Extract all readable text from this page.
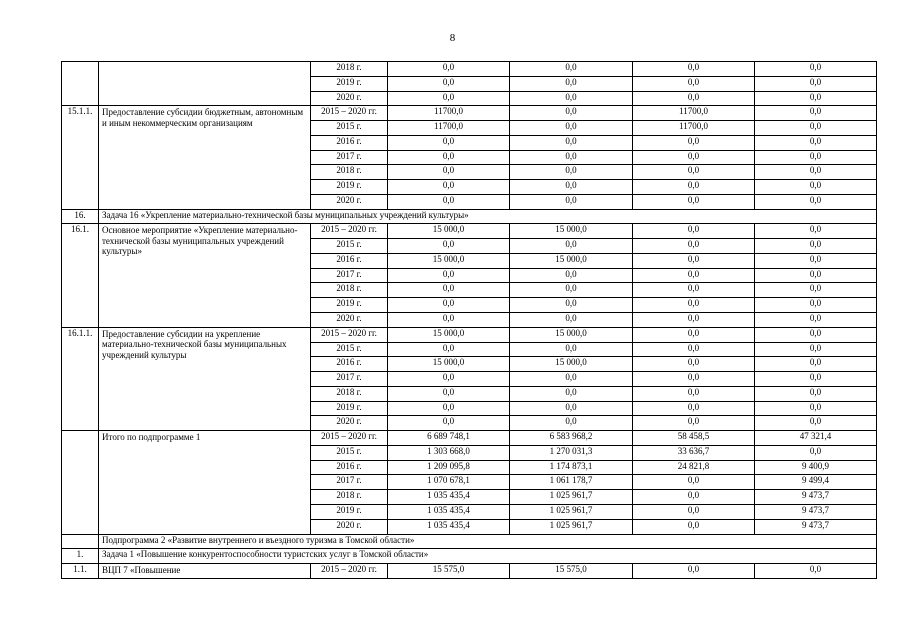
8
		2018 г.	0,0	0,0	0,0	0,0
		2019 г.	0,0	0,0	0,0	0,0
		2020 г.	0,0	0,0	0,0	0,0
15.1.1.	Предоставление субсидии бюджетным, автономным и иным некоммерческим организациям	2015 – 2020 гг.	11700,0	0,0	11700,0	0,0
		2015 г.	11700,0	0,0	11700,0	0,0
		2016 г.	0,0	0,0	0,0	0,0
		2017 г.	0,0	0,0	0,0	0,0
		2018 г.	0,0	0,0	0,0	0,0
		2019 г.	0,0	0,0	0,0	0,0
		2020 г.	0,0	0,0	0,0	0,0
16.	Задача 16 «Укрепление материально-технической базы муниципальных учреждений культуры»					
16.1.	Основное мероприятие «Укрепление материально-технической базы муниципальных учреждений культуры»	2015 – 2020 гг.	15 000,0	15 000,0	0,0	0,0
		2015 г.	0,0	0,0	0,0	0,0
		2016 г.	15 000,0	15 000,0	0,0	0,0
		2017 г.	0,0	0,0	0,0	0,0
		2018 г.	0,0	0,0	0,0	0,0
		2019 г.	0,0	0,0	0,0	0,0
		2020 г.	0,0	0,0	0,0	0,0
16.1.1.	Предоставление субсидии на укрепление материально-технической базы муниципальных учреждений культуры	2015 – 2020 гг.	15 000,0	15 000,0	0,0	0,0
		2015 г.	0,0	0,0	0,0	0,0
		2016 г.	15 000,0	15 000,0	0,0	0,0
		2017 г.	0,0	0,0	0,0	0,0
		2018 г.	0,0	0,0	0,0	0,0
		2019 г.	0,0	0,0	0,0	0,0
		2020 г.	0,0	0,0	0,0	0,0
	Итого по подпрограмме 1	2015 – 2020 гг.	6 689 748,1	6 583 968,2	58 458,5	47 321,4
		2015 г.	1 303 668,0	1 270 031,3	33 636,7	0,0
		2016 г.	1 209 095,8	1 174 873,1	24 821,8	9 400,9
		2017 г.	1 070 678,1	1 061 178,7	0,0	9 499,4
		2018 г.	1 035 435,4	1 025 961,7	0,0	9 473,7
		2019 г.	1 035 435,4	1 025 961,7	0,0	9 473,7
		2020 г.	1 035 435,4	1 025 961,7	0,0	9 473,7
	Подпрограмма 2 «Развитие внутреннего и въездного туризма в Томской области»					
1.	Задача 1 «Повышение конкурентоспособности туристских услуг в Томской области»					
1.1.	ВЦП 7 «Повышение	2015 – 2020 гг.	15 575,0	15 575,0	0,0	0,0
